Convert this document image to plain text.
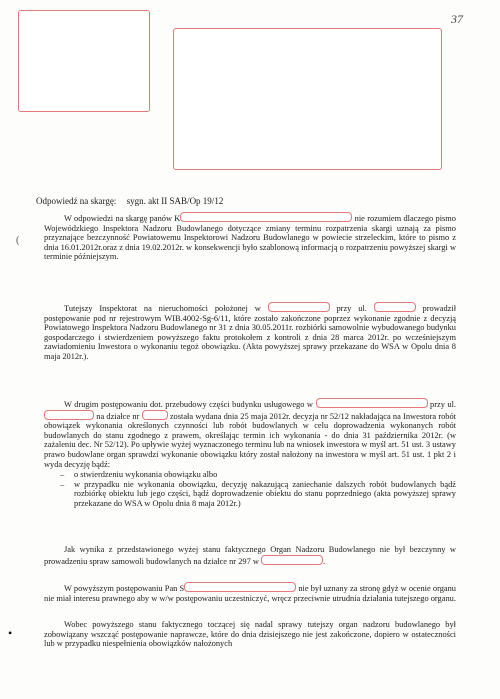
37
(
•
Odpowiedź na skargę: sygn. akt II SAB/Op 19/12

W odpowiedzi na skargę panów K	nie rozumiem dlaczego pismo Wojewódzkiego Inspektora Nadzoru Budowlanego dotyczące zmiany terminu rozpatrzenia skargi uznają za pismo przyznające bezczynność Powiatowemu Inspektorowi Nadzoru Budowlanego w powiecie strzeleckim, które to pismo z dnia 16.01.2012r.oraz z dnia 19.02.2012r. w konsekwencji było szablonową informacją o rozpatrzeniu powyższej skargi w terminie późniejszym.

Tutejszy Inspektorat na nieruchomości położonej w	przy ul.	prowadził postępowanie pod nr rejestrowym WIB.4002-Sg-6/11, które zostało zakończone poprzez wykonanie zgodnie z decyzją Powiatowego Inspektora Nadzoru Budowlanego nr 31 z dnia 30.05.2011r. rozbiórki samowolnie wybudowanego budynku gospodarczego i stwierdzeniem powyższego faktu protokołem z kontroli z dnia 28 marca 2012r. po wcześniejszym zawiadomieniu Inwestora o wykonaniu tegoż obowiązku. (Akta powyższej sprawy przekazane do WSA w Opolu dnia 8 maja 2012r.).

W drugim postępowaniu dot. przebudowy części budynku usługowego w	przy ul.  na działce nr	została wydana dnia 25 maja 2012r. decyzja nr 52/12 nakładająca na Inwestora robót obowiązek wykonania określonych czynności lub robót budowlanych w celu doprowadzenia wykonanych robót budowlanych do stanu zgodnego z prawem, określając termin ich wykonania - do dnia 31 października 2012r. (w zażaleniu dec. Nr 52/12). Po upływie wyżej wyznaczonego terminu lub na wniosek inwestora w myśl art. 51 ust. 3 ustawy prawo budowlane organ sprawdzi wykonanie obowiązku który został nałożony na inwestora w myśl art. 51 ust. 1 pkt 2 i wyda decyzję bądź:

– o stwierdzeniu wykonania obowiązku albo
– w przypadku nie wykonania obowiązku, decyzję nakazującą zaniechanie dalszych robót budowlanych bądź rozbiórkę obiektu lub jego części, bądź doprowadzenie obiektu do stanu poprzedniego (akta powyższej sprawy przekazane do WSA w Opolu dnia 8 maja 2012r.)

Jak wynika z przedstawionego wyżej stanu faktycznego Organ Nadzoru Budowlanego nie był bezczynny w prowadzeniu spraw samowoli budowlanych na działce nr 297 w	.

W powyższym postępowaniu Pan S	nie był uznany za stronę gdyż w ocenie organu nie miał interesu prawnego aby w w/w postępowaniu uczestniczyć, wręcz przeciwnie utrudnia działania tutejszego organu.

Wobec powyższego stanu faktycznego toczącej się nadal sprawy tutejszy organ nadzoru budowlanego był zobowiązany wszcząć postępowanie naprawcze, które do dnia dzisiejszego nie jest zakończone, dopiero w ostateczności lub w przypadku niespełnienia obowiązków nałożonych
